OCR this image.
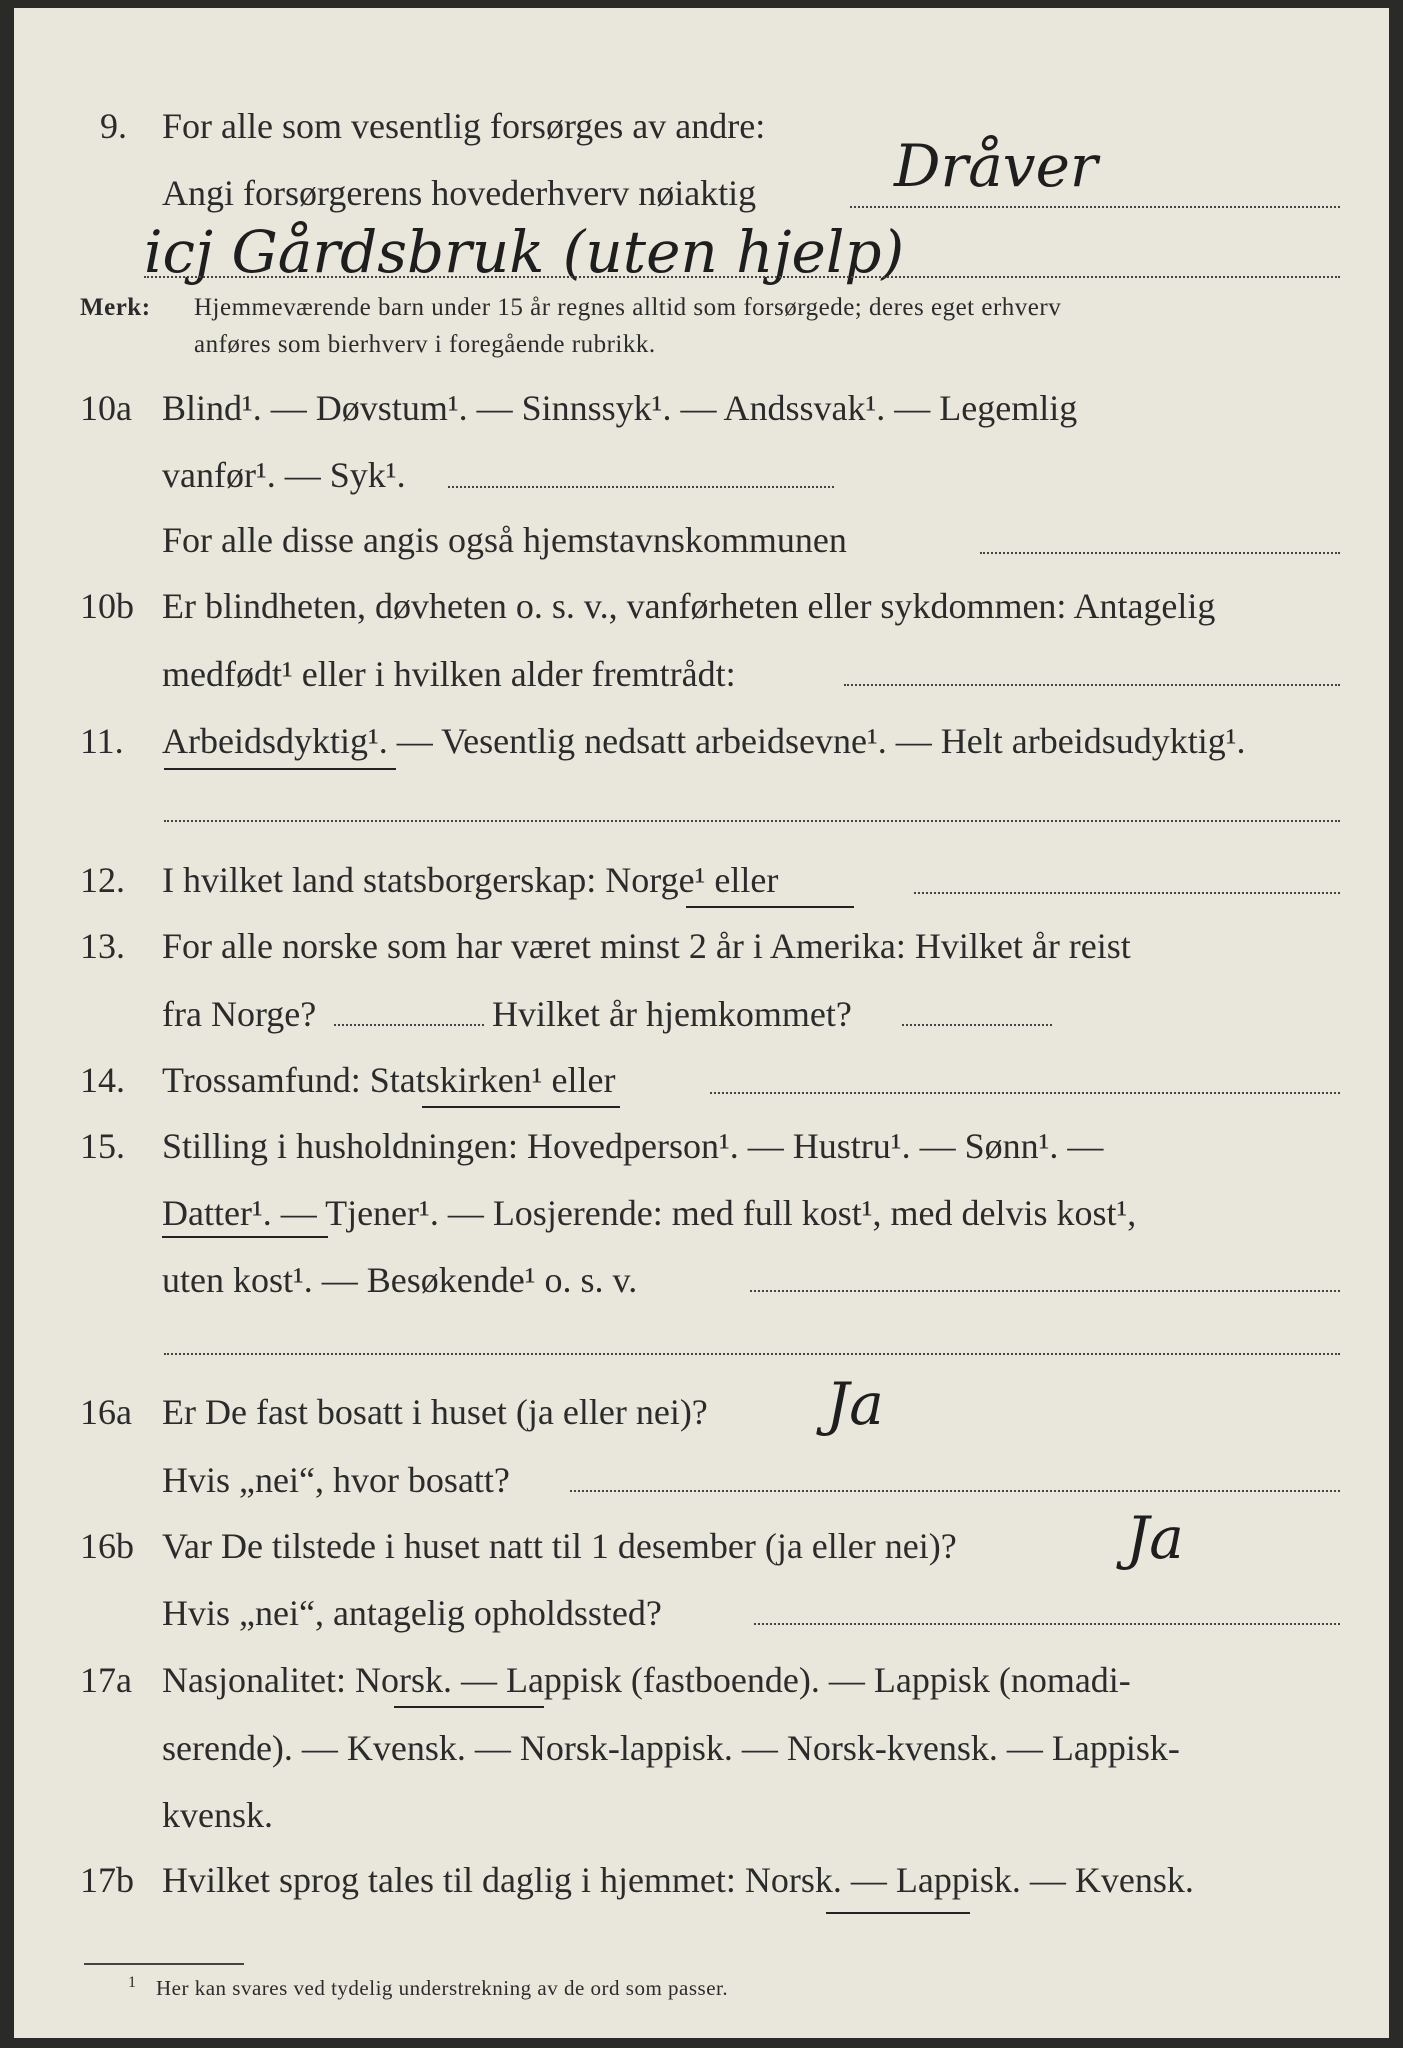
9. For alle som vesentlig forsørges av andre:
Angi forsørgerens hovederhverv nøiaktig Dråver
icj Gårdsbruk (uten hjelp)
Merk: Hjemmeværende barn under 15 år regnes alltid som forsørgede; deres eget erhverv
anføres som bierhverv i foregående rubrikk.
10a Blind¹. — Døvstum¹. — Sinnssyk¹. — Andssvak¹. — Legemlig
vanfør¹. — Syk¹.
For alle disse angis også hjemstavnskommunen
10b Er blindheten, døvheten o. s. v., vanførheten eller sykdommen: Antagelig
medfødt¹ eller i hvilken alder fremtrådt:
11. Arbeidsdyktig¹. — Vesentlig nedsatt arbeidsevne¹. — Helt arbeidsudyktig¹.
12. I hvilket land statsborgerskap: Norge¹ eller
13. For alle norske som har været minst 2 år i Amerika: Hvilket år reist
fra Norge?	Hvilket år hjemkommet?
14. Trossamfund: Statskirken¹ eller
15. Stilling i husholdningen: Hovedperson¹. — Hustru¹. — Sønn¹. —
Datter¹. — Tjener¹. — Losjerende: med full kost¹, med delvis kost¹,
uten kost¹. — Besøkende¹ o. s. v.
16a Er De fast bosatt i huset (ja eller nei)? Ja
Hvis „nei“, hvor bosatt?
16b Var De tilstede i huset natt til 1 desember (ja eller nei)?	Ja
Hvis „nei“, antagelig opholdssted?
17a Nasjonalitet: Norsk. — Lappisk (fastboende). — Lappisk (nomadi-
serende). — Kvensk. — Norsk-lappisk. — Norsk-kvensk. — Lappisk-
kvensk.
17b Hvilket sprog tales til daglig i hjemmet: Norsk. — Lappisk. — Kvensk.
1 Her kan svares ved tydelig understrekning av de ord som passer.
